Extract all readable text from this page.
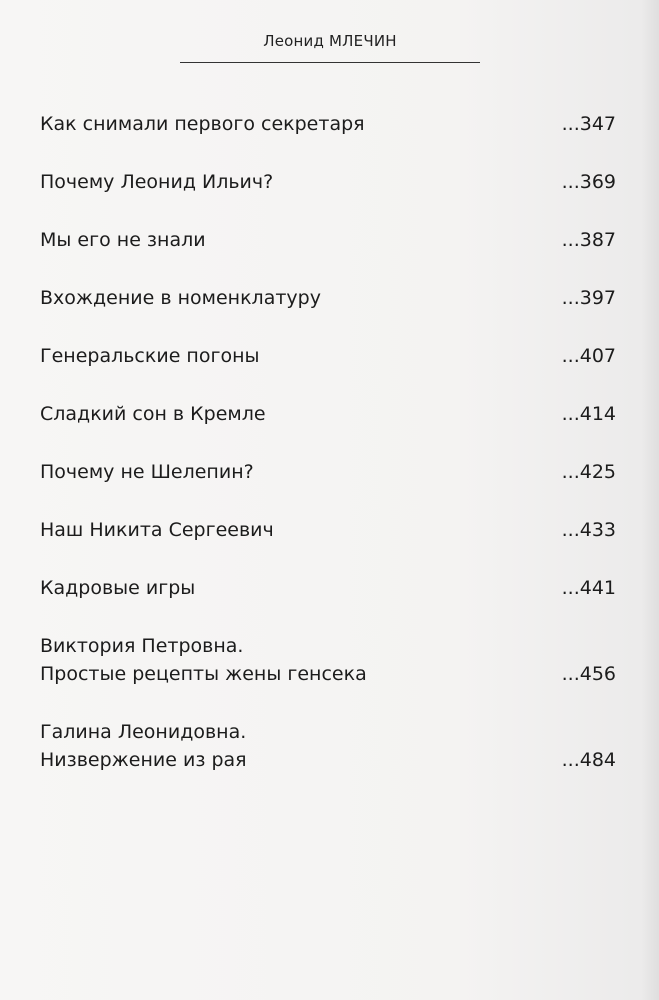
Леонид МЛЕЧИН
Как снимали первого секретаря	...347
Почему Леонид Ильич?	...369
Мы его не знали	...387
Вхождение в номенклатуру	...397
Генеральские погоны	...407
Сладкий сон в Кремле	...414
Почему не Шелепин?	...425
Наш Никита Сергеевич	...433
Кадровые игры	...441
Виктория Петровна.
Простые рецепты жены генсека	...456
Галина Леонидовна.
Низвержение из рая	...484
